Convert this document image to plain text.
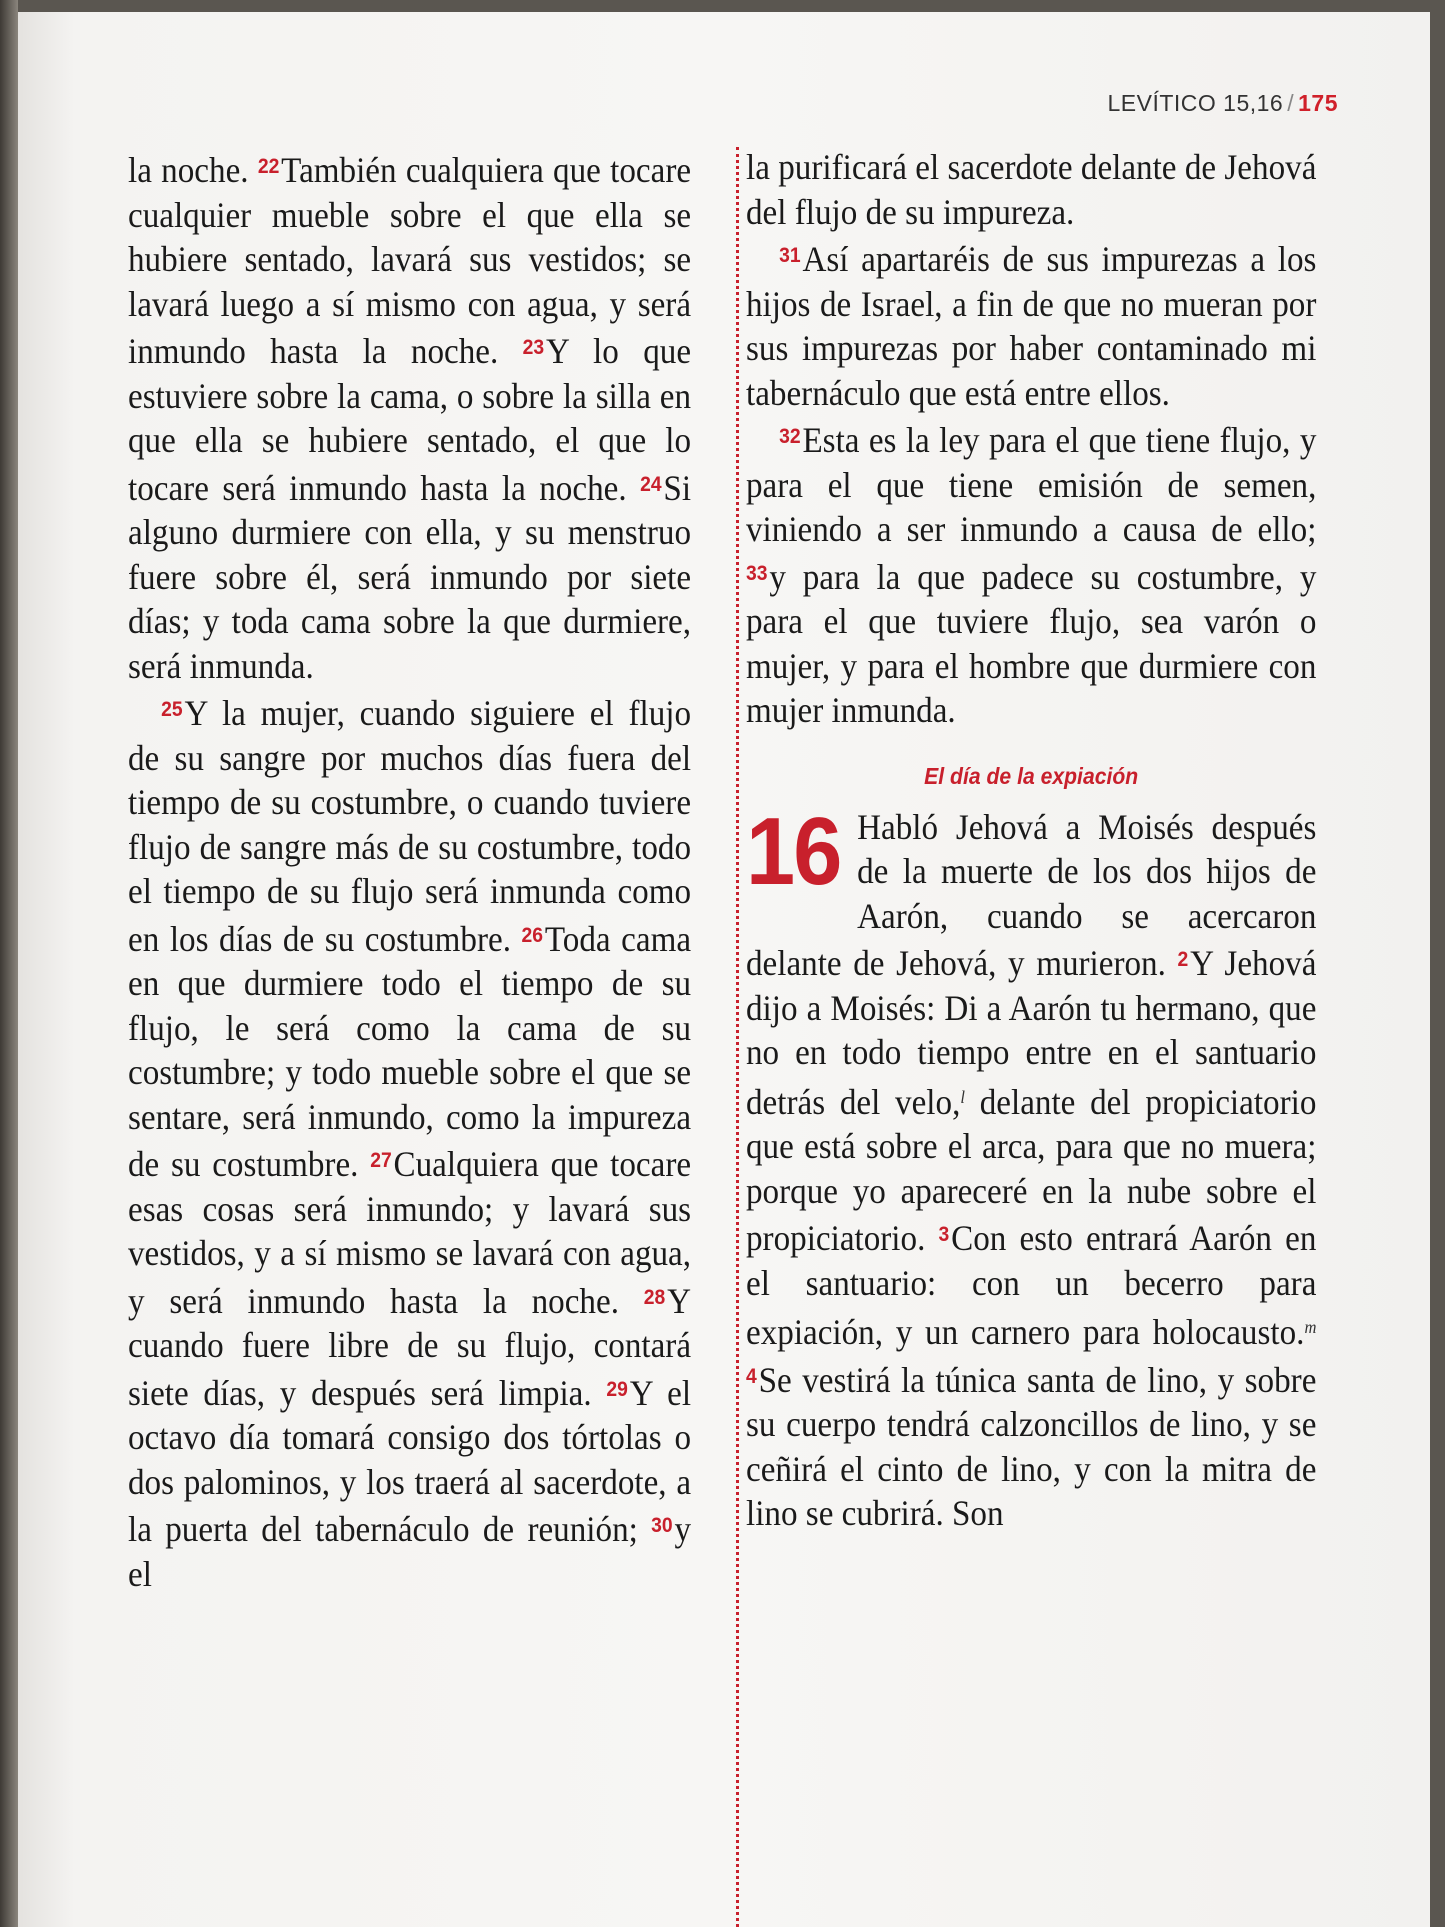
LEVÍTICO 15,16 / 175

la noche. $^{22}$También cualquiera que tocare cualquier mueble sobre el que ella se hubiere sentado, lavará sus vestidos; se lavará luego a sí mismo con agua, y será inmundo hasta la noche. $^{23}$Y lo que estuviere sobre la cama, o sobre la silla en que ella se hubiere sentado, el que lo tocare será inmundo hasta la noche. $^{24}$Si alguno durmiere con ella, y su menstruo fuere sobre él, será inmundo por siete días; y toda cama sobre la que durmiere, será inmunda.

$^{25}$Y la mujer, cuando siguiere el flujo de su sangre por muchos días fuera del tiempo de su costumbre, o cuando tuviere flujo de sangre más de su costumbre, todo el tiempo de su flujo será inmunda como en los días de su costumbre. $^{26}$Toda cama en que durmiere todo el tiempo de su flujo, le será como la cama de su costumbre; y todo mueble sobre el que se sentare, será inmundo, como la impureza de su costumbre. $^{27}$Cualquiera que tocare esas cosas será inmundo; y lavará sus vestidos, y a sí mismo se lavará con agua, y será inmundo hasta la noche. $^{28}$Y cuando fuere libre de su flujo, contará siete días, y después será limpia. $^{29}$Y el octavo día tomará consigo dos tórtolas o dos palominos, y los traerá al sacerdote, a la puerta del tabernáculo de reunión; $^{30}$y el

la purificará el sacerdote delante de Jehová del flujo de su impureza.

$^{31}$Así apartaréis de sus impurezas a los hijos de Israel, a fin de que no mueran por sus impurezas por haber contaminado mi tabernáculo que está entre ellos.

$^{32}$Esta es la ley para el que tiene flujo, y para el que tiene emisión de semen, viniendo a ser inmundo a causa de ello; $^{33}$y para la que padece su costumbre, y para el que tuviere flujo, sea varón o mujer, y para el hombre que durmiere con mujer inmunda.

El día de la expiación

16 Habló Jehová a Moisés después de la muerte de los dos hijos de Aarón, cuando se acercaron delante de Jehová, y murieron. $^2$Y Jehová dijo a Moisés: Di a Aarón tu hermano, que no en todo tiempo entre en el santuario detrás del velo,$^l$ delante del propiciatorio que está sobre el arca, para que no muera; porque yo apareceré en la nube sobre el propiciatorio. $^3$Con esto entrará Aarón en el santuario: con un becerro para expiación, y un carnero para holocausto.$^m$ $^4$Se vestirá la túnica santa de lino, y sobre su cuerpo tendrá calzoncillos de lino, y se ceñirá el cinto de lino, y con la mitra de lino se cubrirá. Son
